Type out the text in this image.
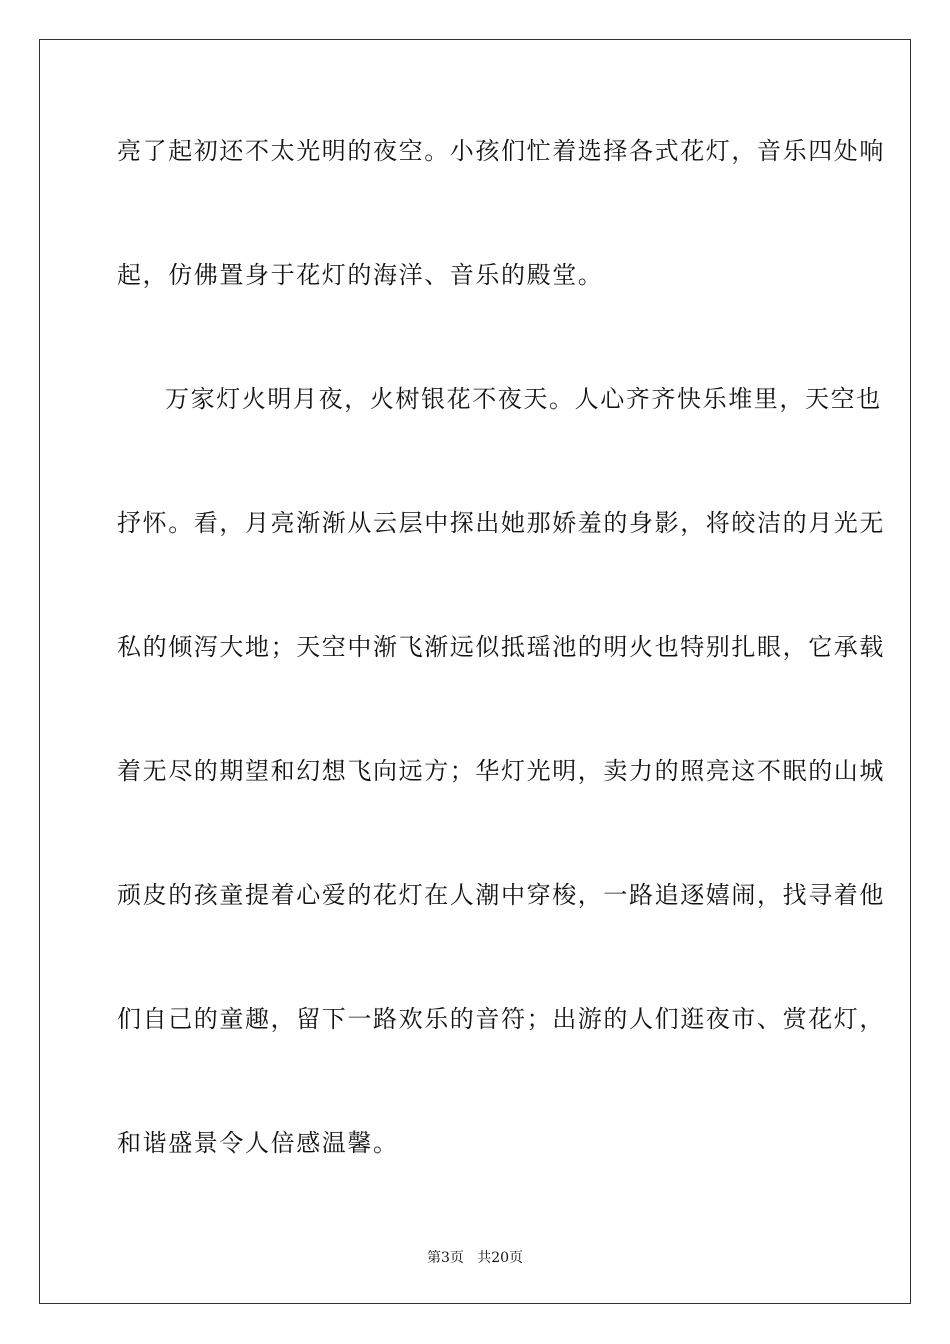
亮了起初还不太光明的夜空。小孩们忙着选择各式花灯，音乐四处响
起，仿佛置身于花灯的海洋、音乐的殿堂。
万家灯火明月夜，火树银花不夜天。人心齐齐快乐堆里，天空也
抒怀。看，月亮渐渐从云层中探出她那娇羞的身影，将皎洁的月光无
私的倾泻大地；天空中渐飞渐远似抵瑶池的明火也特别扎眼，它承载
着无尽的期望和幻想飞向远方；华灯光明，卖力的照亮这不眠的山城
顽皮的孩童提着心爱的花灯在人潮中穿梭，一路追逐嬉闹，找寻着他
们自己的童趣，留下一路欢乐的音符；出游的人们逛夜市、赏花灯，
和谐盛景令人倍感温馨。
第3页   共20页
